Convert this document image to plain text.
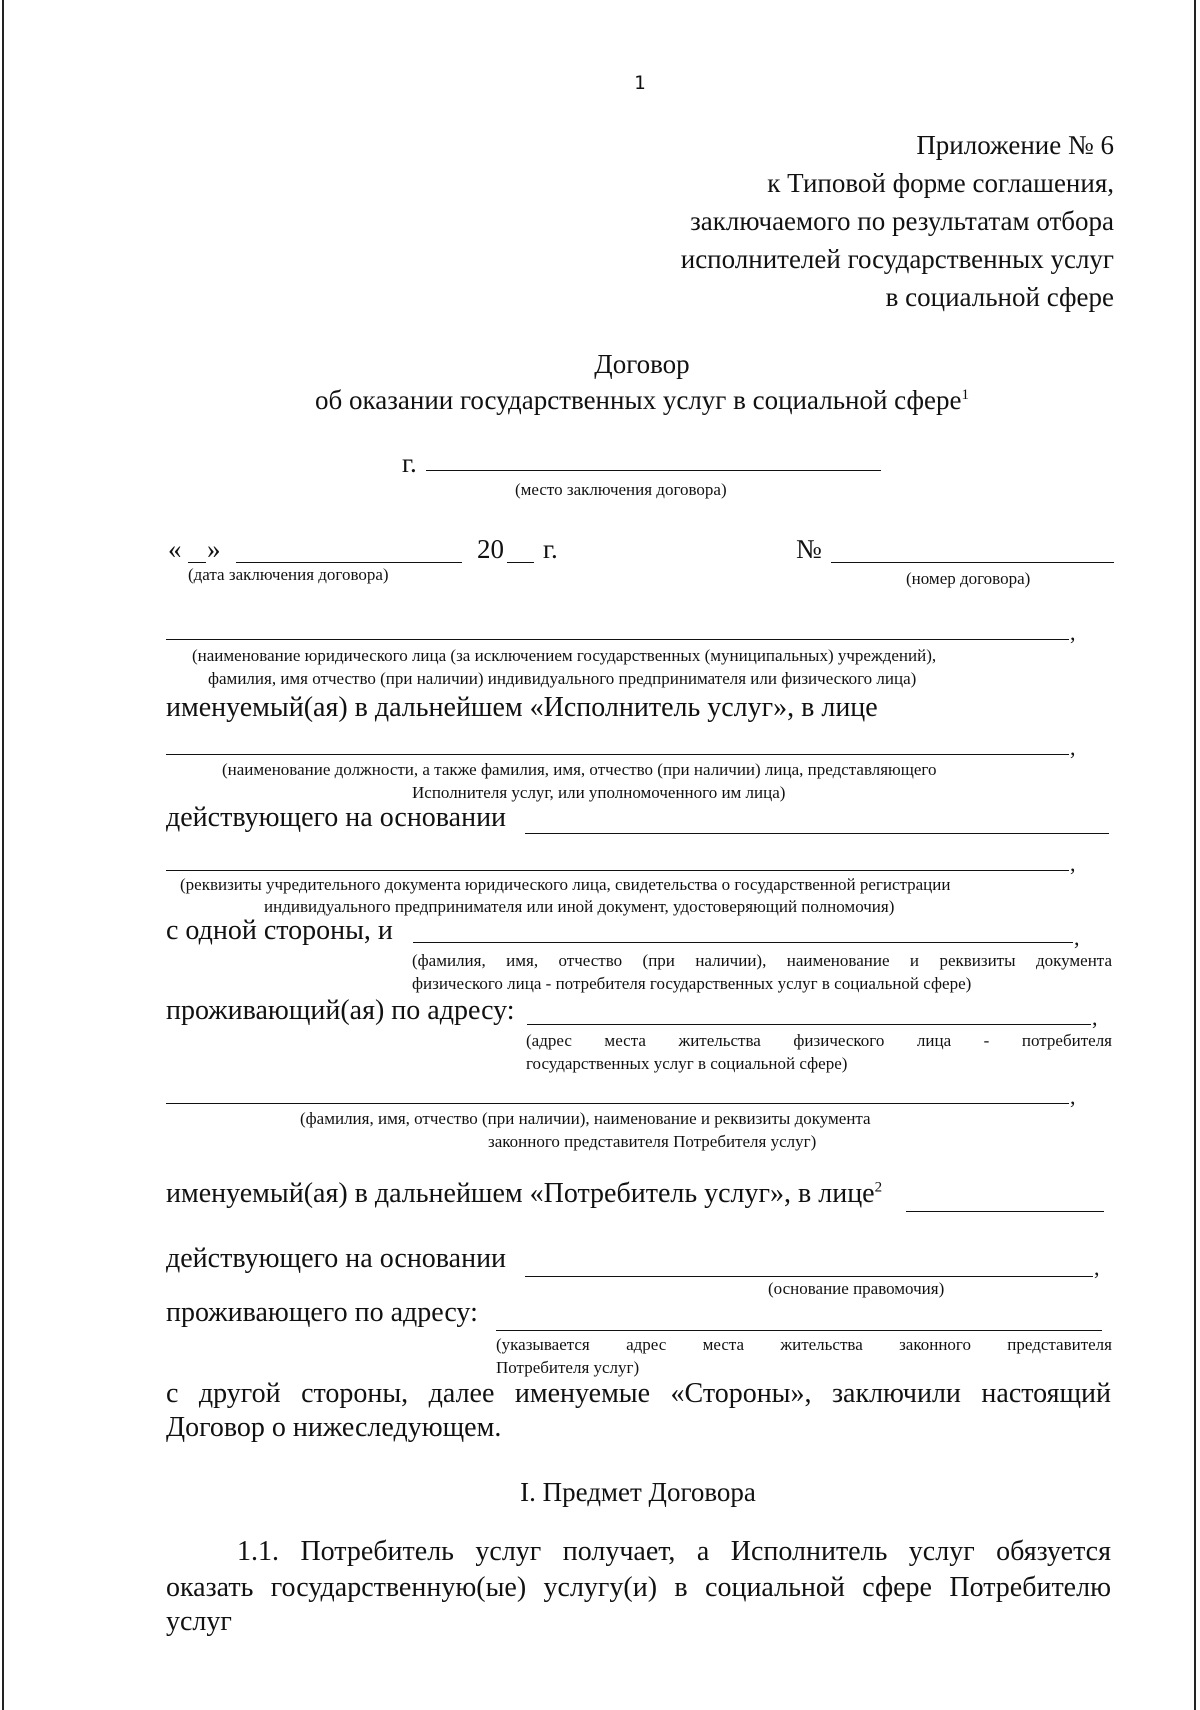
1
Приложение № 6
к Типовой форме соглашения,
заключаемого по результатам отбора
исполнителей государственных услуг
в социальной сфере
Договор
об оказании государственных услуг в социальной сфере$^1$
г.
(место заключения договора)
« »	20 г.	№
(дата заключения договора)	(номер договора)
,
(наименование юридического лица (за исключением государственных (муниципальных) учреждений),
фамилия, имя отчество (при наличии) индивидуального предпринимателя или физического лица)
именуемый(ая) в дальнейшем «Исполнитель услуг», в лице
,
(наименование должности, а также фамилия, имя, отчество (при наличии) лица, представляющего
Исполнителя услуг, или уполномоченного им лица)
действующего на основании
,
(реквизиты учредительного документа юридического лица, свидетельства о государственной регистрации
индивидуального предпринимателя или иной документ, удостоверяющий полномочия)
с одной стороны, и	,
(фамилия, имя, отчество (при наличии), наименование и реквизиты документа
физического лица - потребителя государственных услуг в социальной сфере)
проживающий(ая) по адресу:	,
(адрес места жительства физического лица - потребителя
государственных услуг в социальной сфере)
,
(фамилия, имя, отчество (при наличии), наименование и реквизиты документа
законного представителя Потребителя услуг)
именуемый(ая) в дальнейшем «Потребитель услуг», в лице$^2$
действующего на основании	,
(основание правомочия)
проживающего по адресу:
(указывается адрес места жительства законного представителя
Потребителя услуг)
с другой стороны, далее именуемые «Стороны», заключили настоящий
Договор о нижеследующем.
I. Предмет Договора
1.1. Потребитель услуг получает, а Исполнитель услуг обязуется
оказать государственную(ые) услугу(и) в социальной сфере Потребителю
услуг
